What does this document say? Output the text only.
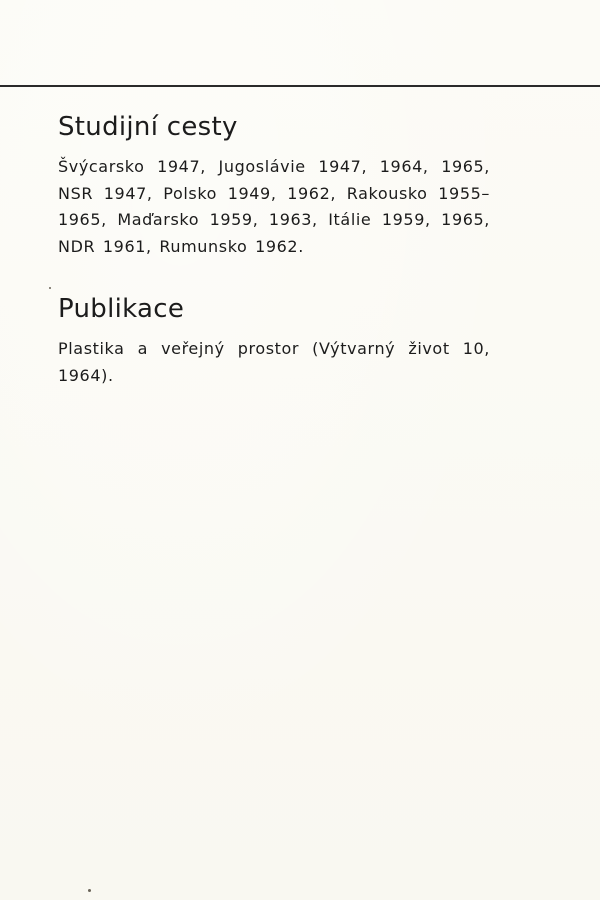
Studijní cesty

Švýcarsko 1947, Jugoslávie 1947, 1964, 1965, NSR 1947, Polsko 1949, 1962, Rakousko 1955–1965, Maďarsko 1959, 1963, Itálie 1959, 1965, NDR 1961, Rumunsko 1962.

Publikace

Plastika a veřejný prostor (Výtvarný život 10, 1964).
